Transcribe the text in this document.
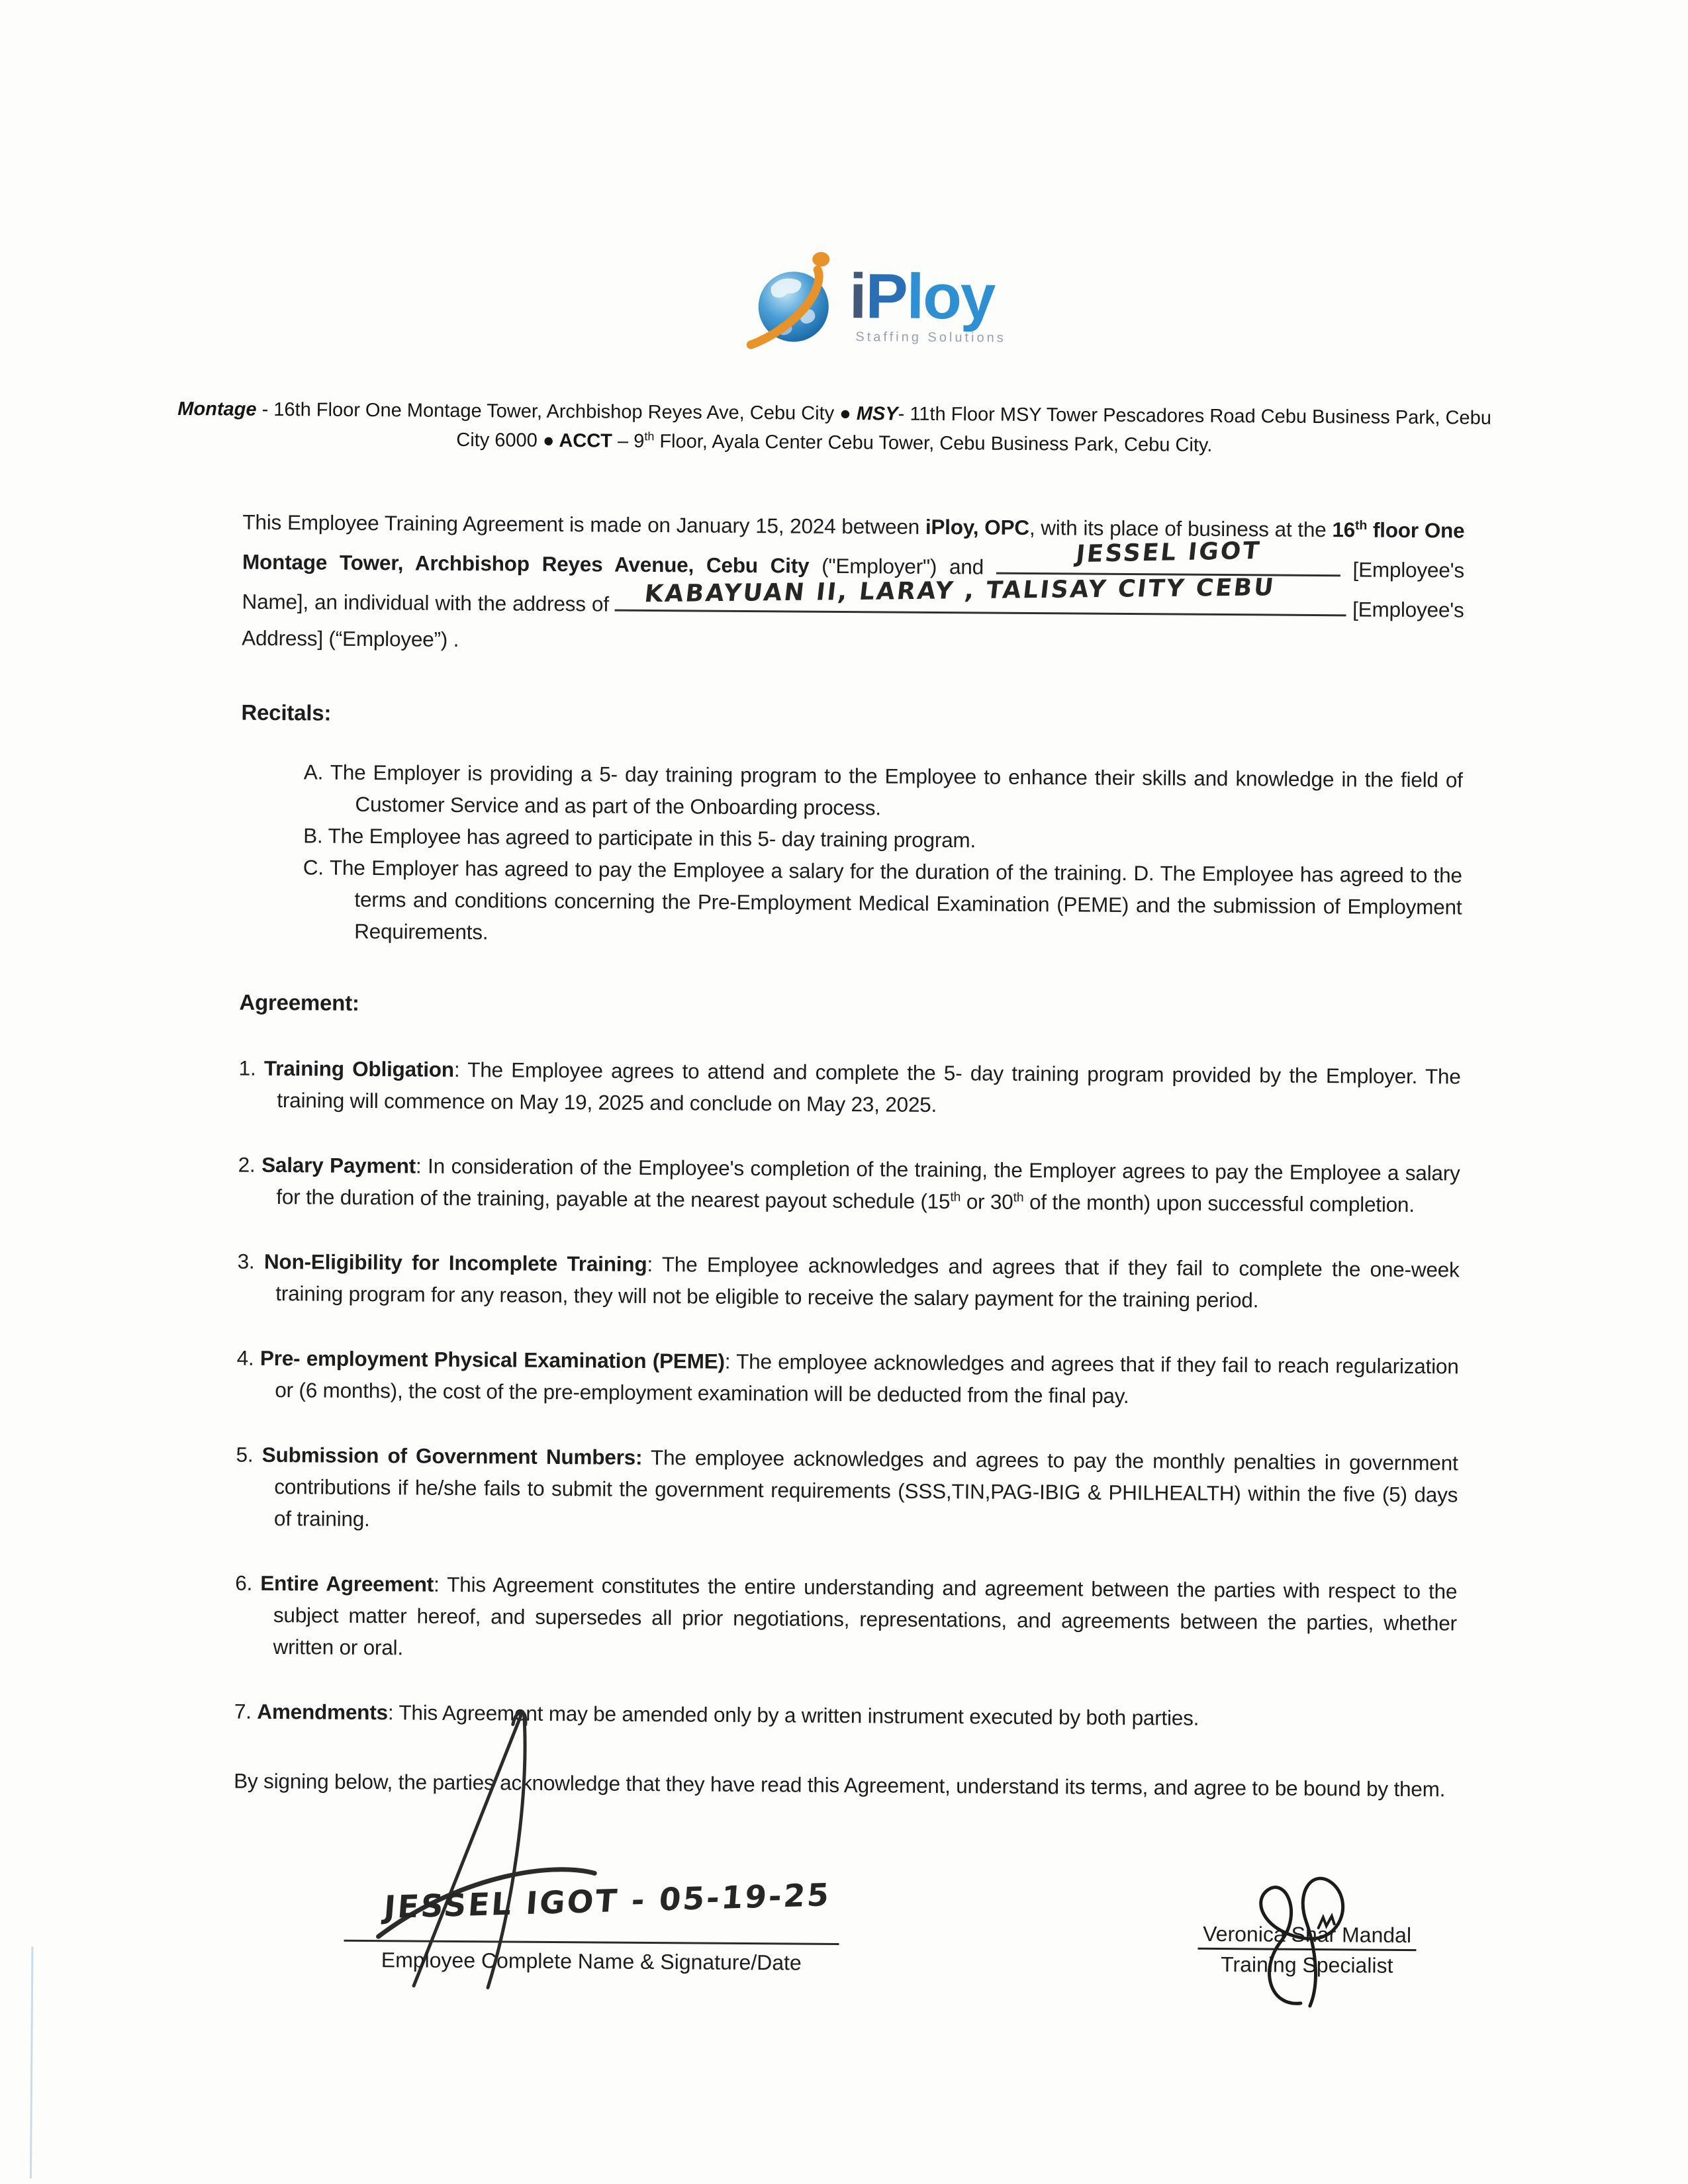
iPloy
Staffing Solutions
Montage - 16th Floor One Montage Tower, Archbishop Reyes Ave, Cebu City ● MSY- 11th Floor MSY Tower Pescadores Road Cebu Business Park, Cebu
City 6000 ● ACCT – 9th Floor, Ayala Center Cebu Tower, Cebu Business Park, Cebu City.
This Employee Training Agreement is made on January 15, 2024 between iPloy, OPC, with its place of business at the 16th floor One Montage Tower, Archbishop Reyes Avenue, Cebu City ("Employer") and	JESSEL IGOT
[Employee's Name], an individual with the address of KABAYUAN II, LARAY , TALISAY CITY CEBU
[Employee's Address] (“Employee”) .
Recitals:
A. The Employer is providing a 5- day training program to the Employee to enhance their skills and knowledge in the field of Customer Service and as part of the Onboarding process.
B. The Employee has agreed to participate in this 5- day training program.
C. The Employer has agreed to pay the Employee a salary for the duration of the training. D. The Employee has agreed to the terms and conditions concerning the Pre-Employment Medical Examination (PEME) and the submission of Employment Requirements.
Agreement:
1. Training Obligation: The Employee agrees to attend and complete the 5- day training program provided by the Employer. The training will commence on May 19, 2025 and conclude on May 23, 2025.
2. Salary Payment: In consideration of the Employee's completion of the training, the Employer agrees to pay the Employee a salary for the duration of the training, payable at the nearest payout schedule (15th or 30th of the month) upon successful completion.
3. Non-Eligibility for Incomplete Training: The Employee acknowledges and agrees that if they fail to complete the one-week training program for any reason, they will not be eligible to receive the salary payment for the training period.
4. Pre- employment Physical Examination (PEME): The employee acknowledges and agrees that if they fail to reach regularization or (6 months), the cost of the pre-employment examination will be deducted from the final pay.
5. Submission of Government Numbers: The employee acknowledges and agrees to pay the monthly penalties in government contributions if he/she fails to submit the government requirements (SSS,TIN,PAG-IBIG & PHILHEALTH) within the five (5) days of training.
6. Entire Agreement: This Agreement constitutes the entire understanding and agreement between the parties with respect to the subject matter hereof, and supersedes all prior negotiations, representations, and agreements between the parties, whether written or oral.
7. Amendments: This Agreement may be amended only by a written instrument executed by both parties.
By signing below, the parties acknowledge that they have read this Agreement, understand its terms, and agree to be bound by them.
JESSEL IGOT - 05-19-25
Employee Complete Name & Signature/Date
Veronica Shar Mandal
Training Specialist
